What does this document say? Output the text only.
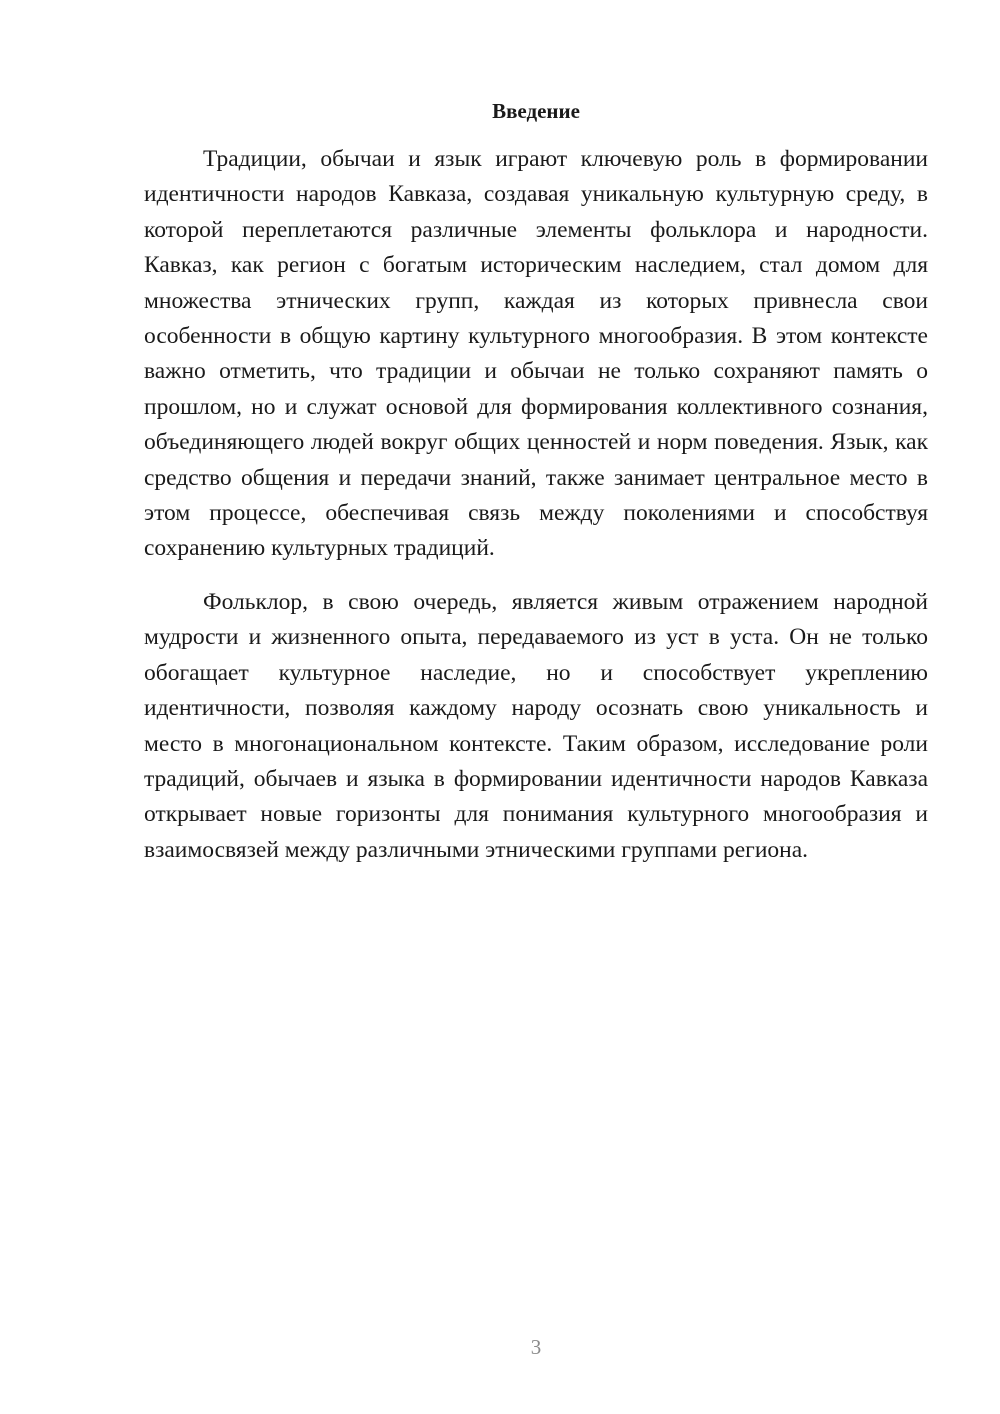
Введение

Традиции, обычаи и язык играют ключевую роль в формировании идентичности народов Кавказа, создавая уникальную культурную среду, в которой переплетаются различные элементы фольклора и народности. Кавказ, как регион с богатым историческим наследием, стал домом для множества этнических групп, каждая из которых привнесла свои особенности в общую картину культурного многообразия. В этом контексте важно отметить, что традиции и обычаи не только сохраняют память о прошлом, но и служат основой для формирования коллективного сознания, объединяющего людей вокруг общих ценностей и норм поведения. Язык, как средство общения и передачи знаний, также занимает центральное место в этом процессе, обеспечивая связь между поколениями и способствуя сохранению культурных традиций.

Фольклор, в свою очередь, является живым отражением народной мудрости и жизненного опыта, передаваемого из уст в уста. Он не только обогащает культурное наследие, но и способствует укреплению идентичности, позволяя каждому народу осознать свою уникальность и место в многонациональном контексте. Таким образом, исследование роли традиций, обычаев и языка в формировании идентичности народов Кавказа открывает новые горизонты для понимания культурного многообразия и взаимосвязей между различными этническими группами региона.

3
